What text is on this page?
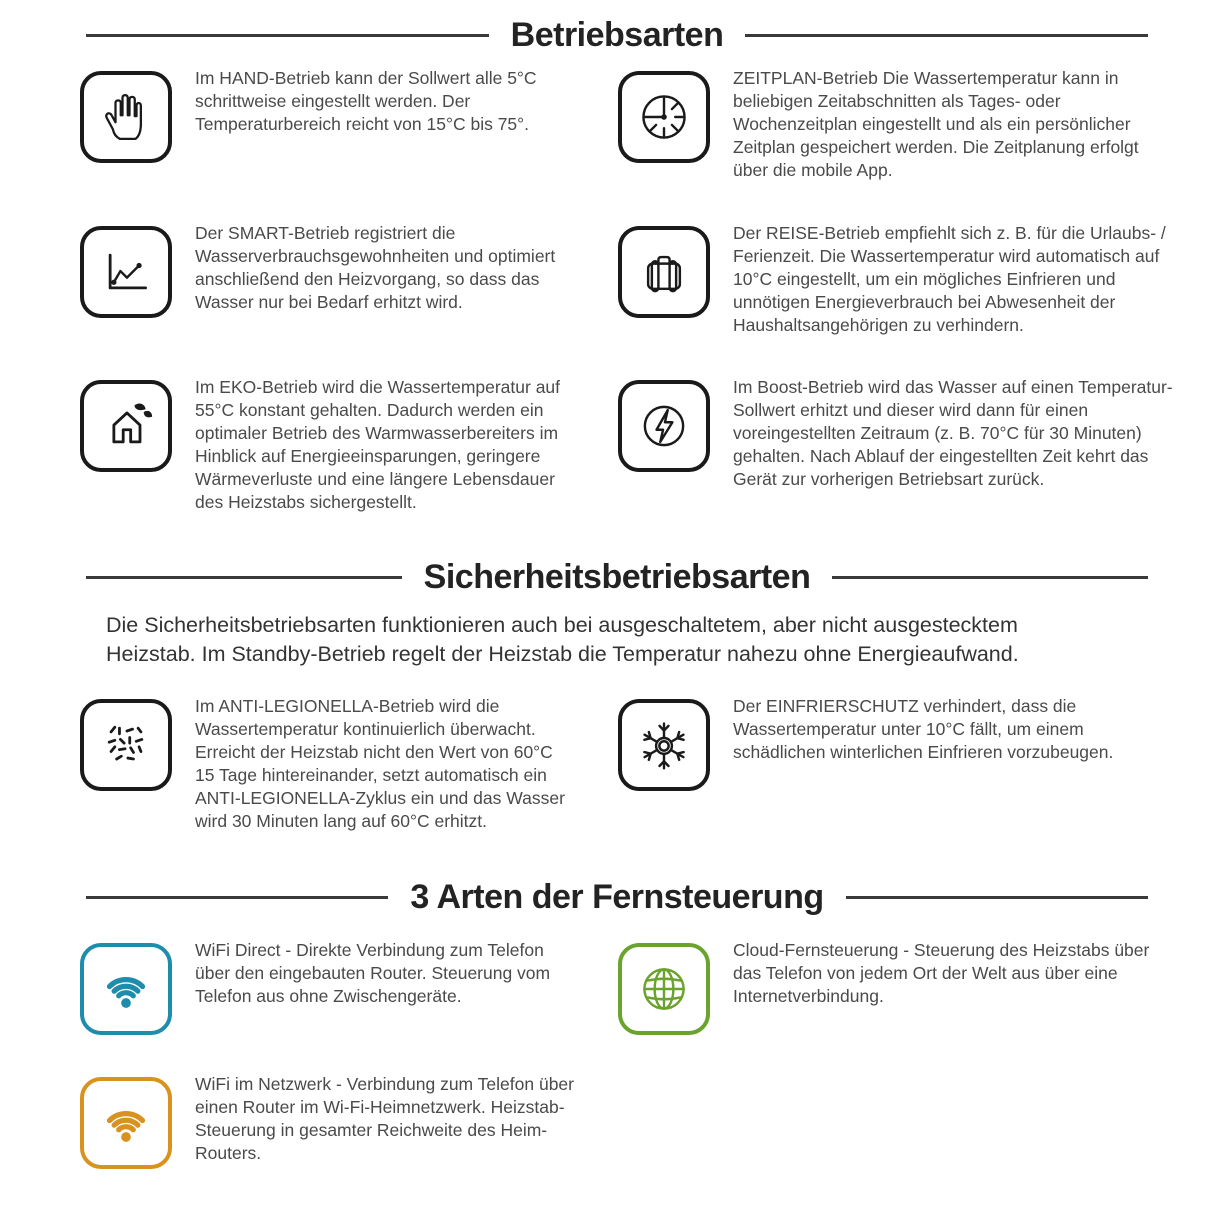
Betriebsarten

Im HAND-Betrieb kann der Sollwert alle 5°C schrittweise eingestellt werden. Der Temperaturbereich reicht von 15°C bis 75°.

ZEITPLAN-Betrieb Die Wassertemperatur kann in beliebigen Zeitabschnitten als Tages- oder Wochenzeitplan eingestellt und als ein persönlicher Zeitplan gespeichert werden. Die Zeitplanung erfolgt über die mobile App.

Der SMART-Betrieb registriert die Wasserverbrauchsgewohnheiten und optimiert anschließend den Heizvorgang, so dass das Wasser nur bei Bedarf erhitzt wird.

Der REISE-Betrieb empfiehlt sich z. B. für die Urlaubs- / Ferienzeit. Die Wassertemperatur wird automatisch auf 10°C eingestellt, um ein mögliches Einfrieren und unnötigen Energieverbrauch bei Abwesenheit der Haushaltsangehörigen zu verhindern.

Im EKO-Betrieb wird die Wassertemperatur auf 55°C konstant gehalten. Dadurch werden ein optimaler Betrieb des Warmwasserbereiters im Hinblick auf Energieeinsparungen, geringere Wärmeverluste und eine längere Lebensdauer des Heizstabs sichergestellt.

Im Boost-Betrieb wird das Wasser auf einen Temperatur-Sollwert erhitzt und dieser wird dann für einen voreingestellten Zeitraum (z. B. 70°C für 30 Minuten) gehalten. Nach Ablauf der eingestellten Zeit kehrt das Gerät zur vorherigen Betriebsart zurück.

Sicherheitsbetriebsarten

Die Sicherheitsbetriebsarten funktionieren auch bei ausgeschaltetem, aber nicht ausgestecktem Heizstab. Im Standby-Betrieb regelt der Heizstab die Temperatur nahezu ohne Energieaufwand.

Im ANTI-LEGIONELLA-Betrieb wird die Wassertemperatur kontinuierlich überwacht. Erreicht der Heizstab nicht den Wert von 60°C 15 Tage hintereinander, setzt automatisch ein ANTI-LEGIONELLA-Zyklus ein und das Wasser wird 30 Minuten lang auf 60°C erhitzt.

Der EINFRIERSCHUTZ verhindert, dass die Wassertemperatur unter 10°C fällt, um einem schädlichen winterlichen Einfrieren vorzubeugen.

3 Arten der Fernsteuerung

WiFi Direct - Direkte Verbindung zum Telefon über den eingebauten Router. Steuerung vom Telefon aus ohne Zwischengeräte.

Cloud-Fernsteuerung - Steuerung des Heizstabs über das Telefon von jedem Ort der Welt aus über eine Internetverbindung.

WiFi im Netzwerk - Verbindung zum Telefon über einen Router im Wi-Fi-Heimnetzwerk. Heizstab-Steuerung in gesamter Reichweite des Heim-Routers.
